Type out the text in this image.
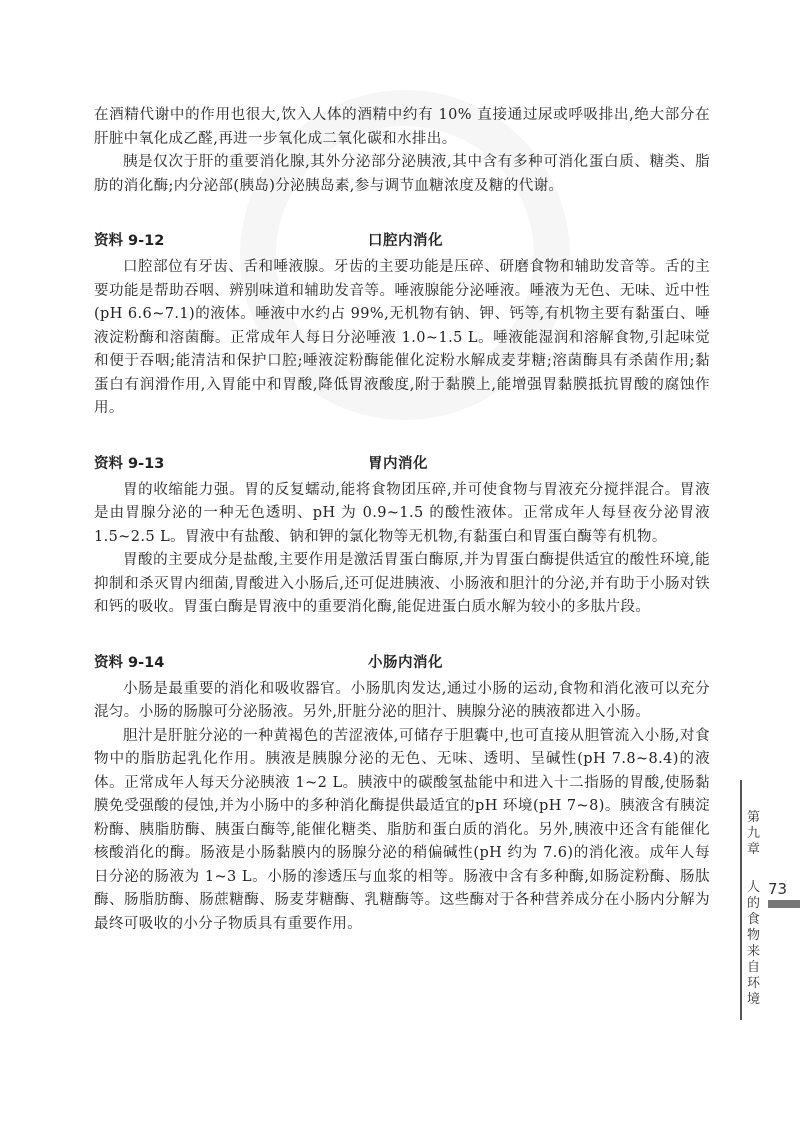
在酒精代谢中的作用也很大,饮入人体的酒精中约有 10% 直接通过尿或呼吸排出,绝大部分在肝脏中氧化成乙醛,再进一步氧化成二氧化碳和水排出。

胰是仅次于肝的重要消化腺,其外分泌部分泌胰液,其中含有多种可消化蛋白质、糖类、脂肪的消化酶;内分泌部(胰岛)分泌胰岛素,参与调节血糖浓度及糖的代谢。

资料 9-12	口腔内消化

口腔部位有牙齿、舌和唾液腺。牙齿的主要功能是压碎、研磨食物和辅助发音等。舌的主要功能是帮助吞咽、辨别味道和辅助发音等。唾液腺能分泌唾液。唾液为无色、无味、近中性(pH 6.6~7.1)的液体。唾液中水约占 99%,无机物有钠、钾、钙等,有机物主要有黏蛋白、唾液淀粉酶和溶菌酶。正常成年人每日分泌唾液 1.0~1.5 L。唾液能湿润和溶解食物,引起味觉和便于吞咽;能清洁和保护口腔;唾液淀粉酶能催化淀粉水解成麦芽糖;溶菌酶具有杀菌作用;黏蛋白有润滑作用,入胃能中和胃酸,降低胃液酸度,附于黏膜上,能增强胃黏膜抵抗胃酸的腐蚀作用。

资料 9-13	胃内消化

胃的收缩能力强。胃的反复蠕动,能将食物团压碎,并可使食物与胃液充分搅拌混合。胃液是由胃腺分泌的一种无色透明、pH 为 0.9~1.5 的酸性液体。正常成年人每昼夜分泌胃液1.5~2.5 L。胃液中有盐酸、钠和钾的氯化物等无机物,有黏蛋白和胃蛋白酶等有机物。

胃酸的主要成分是盐酸,主要作用是激活胃蛋白酶原,并为胃蛋白酶提供适宜的酸性环境,能抑制和杀灭胃内细菌,胃酸进入小肠后,还可促进胰液、小肠液和胆汁的分泌,并有助于小肠对铁和钙的吸收。胃蛋白酶是胃液中的重要消化酶,能促进蛋白质水解为较小的多肽片段。

资料 9-14	小肠内消化

小肠是最重要的消化和吸收器官。小肠肌肉发达,通过小肠的运动,食物和消化液可以充分混匀。小肠的肠腺可分泌肠液。另外,肝脏分泌的胆汁、胰腺分泌的胰液都进入小肠。

胆汁是肝脏分泌的一种黄褐色的苦涩液体,可储存于胆囊中,也可直接从胆管流入小肠,对食物中的脂肪起乳化作用。胰液是胰腺分泌的无色、无味、透明、呈碱性(pH 7.8~8.4)的液体。正常成年人每天分泌胰液 1~2 L。胰液中的碳酸氢盐能中和进入十二指肠的胃酸,使肠黏膜免受强酸的侵蚀,并为小肠中的多种消化酶提供最适宜的pH 环境(pH 7~8)。胰液含有胰淀粉酶、胰脂肪酶、胰蛋白酶等,能催化糖类、脂肪和蛋白质的消化。另外,胰液中还含有能催化核酸消化的酶。肠液是小肠黏膜内的肠腺分泌的稍偏碱性(pH 约为 7.6)的消化液。成年人每日分泌的肠液为 1~3 L。小肠的渗透压与血浆的相等。肠液中含有多种酶,如肠淀粉酶、肠肽酶、肠脂肪酶、肠蔗糖酶、肠麦芽糖酶、乳糖酶等。这些酶对于各种营养成分在小肠内分解为最终可吸收的小分子物质具有重要作用。

第九章
人的食物来自环境
73
